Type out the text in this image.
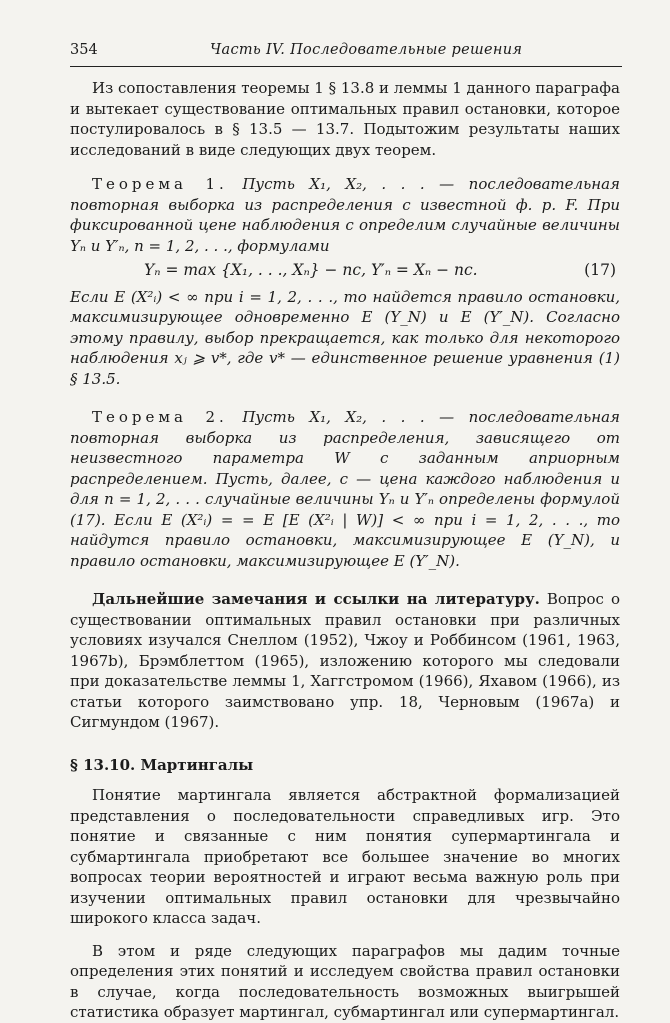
354	Часть IV. Последовательные решения

Из сопоставления теоремы 1 § 13.8 и леммы 1 данного параграфа и вытекает существование оптимальных правил остановки, которое постулировалось в § 13.5 — 13.7. Подытожим результаты наших исследований в виде следующих двух теорем.

Теорема 1. Пусть X₁, X₂, . . . — последовательная повторная выборка из распределения с известной ф. р. F. При фиксированной цене наблюдения c определим случайные величины Yₙ и Y′ₙ, n = 1, 2, . . ., формулами

Yₙ = max {X₁, . . ., Xₙ} − nc, Y′ₙ = Xₙ − nc.	(17)

Если E (X²ᵢ) < ∞ при i = 1, 2, . . ., то найдется правило остановки, максимизирующее одновременно E (Y_N) и E (Y′_N). Согласно этому правилу, выбор прекращается, как только для некоторого наблюдения xⱼ ⩾ v*, где v* — единственное решение уравнения (1) § 13.5.

Теорема 2. Пусть X₁, X₂, . . . — последовательная повторная выборка из распределения, зависящего от неизвестного параметра W с заданным априорным распределением. Пусть, далее, c — цена каждого наблюдения и для n = 1, 2, . . . случайные величины Yₙ и Y′ₙ определены формулой (17). Если E (X²ᵢ) = = E [E (X²ᵢ | W)] < ∞ при i = 1, 2, . . ., то найдутся правило остановки, максимизирующее E (Y_N), и правило остановки, максимизирующее E (Y′_N).

Дальнейшие замечания и ссылки на литературу. Вопрос о существовании оптимальных правил остановки при различных условиях изучался Снеллом (1952), Чжоу и Роббинсом (1961, 1963, 1967b), Брэмблеттом (1965), изложению которого мы следовали при доказательстве леммы 1, Хаггстромом (1966), Яхавом (1966), из статьи которого заимствовано упр. 18, Черновым (1967a) и Сигмундом (1967).

§ 13.10. Мартингалы

Понятие мартингала является абстрактной формализацией представления о последовательности справедливых игр. Это понятие и связанные с ним понятия супермартингала и субмартингала приобретают все большее значение во многих вопросах теории вероятностей и играют весьма важную роль при изучении оптимальных правил остановки для чрезвычайно широкого класса задач.

В этом и ряде следующих параграфов мы дадим точные определения этих понятий и исследуем свойства правил остановки в случае, когда последовательность возможных выигрышей статистика образует мартингал, субмартингал или супермартингал.
